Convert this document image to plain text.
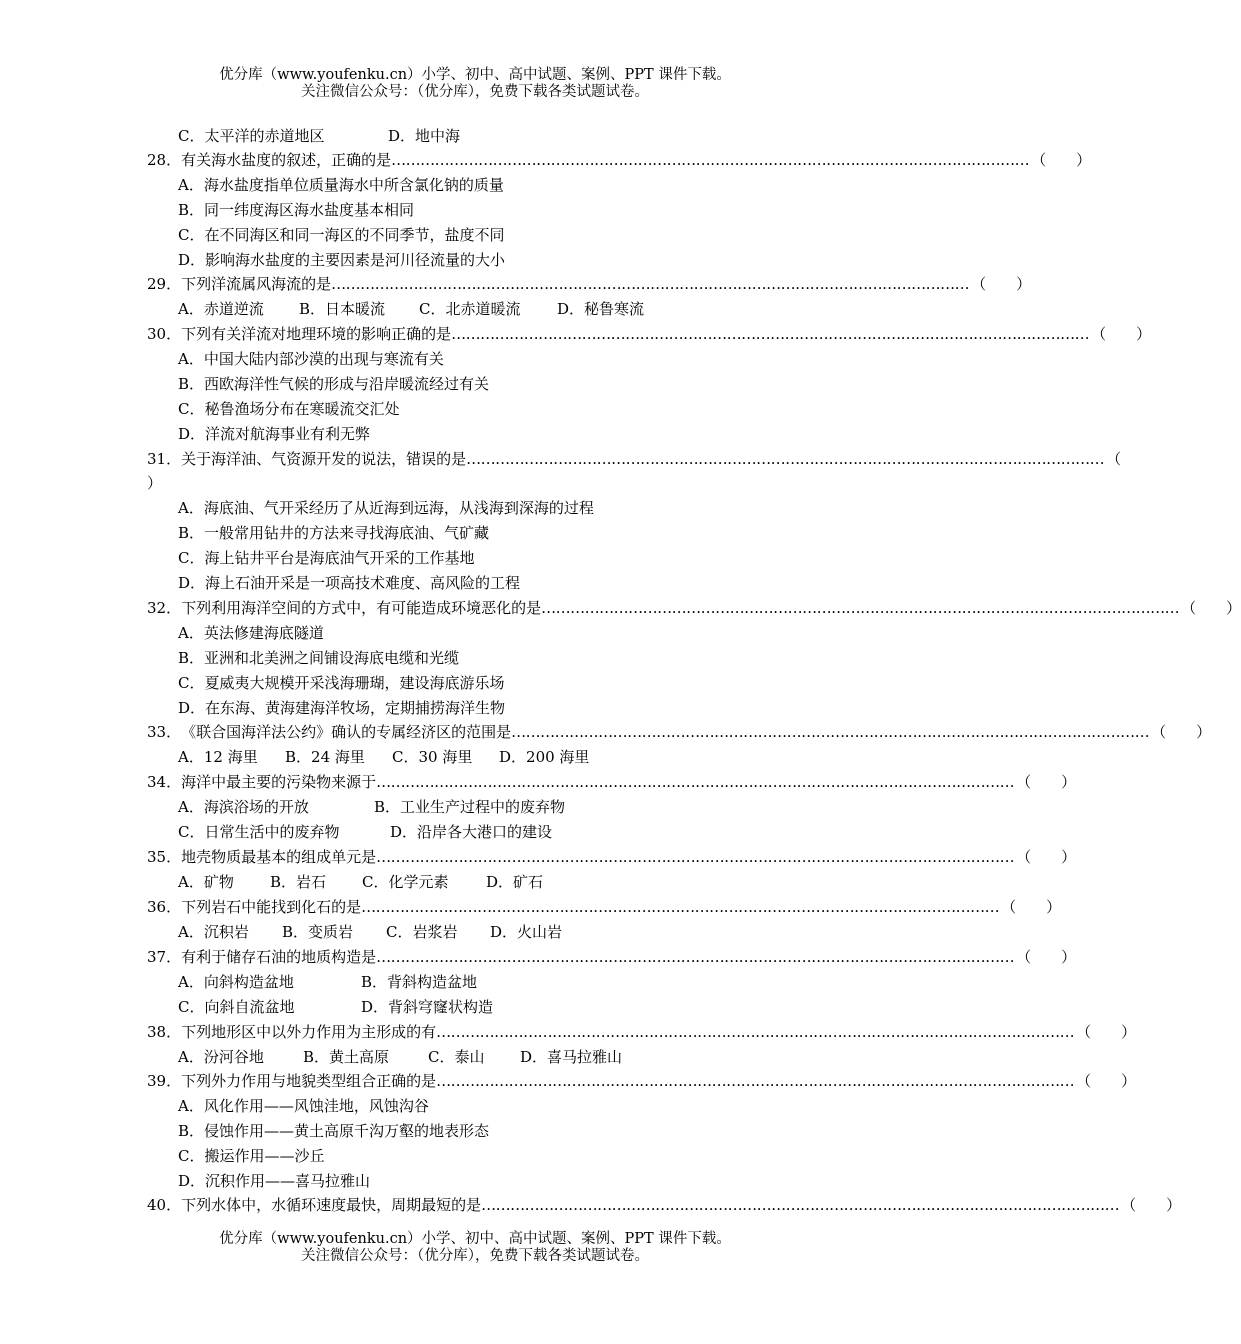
优分库（www.youfenku.cn）小学、初中、高中试题、案例、PPT 课件下载。
关注微信公众号：（优分库），免费下载各类试题试卷。
C．太平洋的赤道地区	D．地中海
28． 有关海水盐度的叙述，正确的是 …………………………………………………………………………………………………………………… （　　）
A．海水盐度指单位质量海水中所含氯化钠的质量
B．同一纬度海区海水盐度基本相同
C．在不同海区和同一海区的不同季节，盐度不同
D．影响海水盐度的主要因素是河川径流量的大小
29． 下列洋流属风海流的是 …………………………………………………………………………………………………………………… （　　）
A．赤道逆流 B．日本暖流 C．北赤道暖流 D．秘鲁寒流
30． 下列有关洋流对地理环境的影响正确的是 …………………………………………………………………………………………………………………… （　　）
A．中国大陆内部沙漠的出现与寒流有关
B．西欧海洋性气候的形成与沿岸暖流经过有关
C．秘鲁渔场分布在寒暖流交汇处
D．洋流对航海事业有利无弊
31． 关于海洋油、气资源开发的说法，错误的是 …………………………………………………………………………………………………………………… （
）
A．海底油、气开采经历了从近海到远海，从浅海到深海的过程
B．一般常用钻井的方法来寻找海底油、气矿藏
C．海上钻井平台是海底油气开采的工作基地
D．海上石油开采是一项高技术难度、高风险的工程
32． 下列利用海洋空间的方式中，有可能造成环境恶化的是 …………………………………………………………………………………………………………………… （　　）
A．英法修建海底隧道
B．亚洲和北美洲之间铺设海底电缆和光缆
C．夏威夷大规模开采浅海珊瑚，建设海底游乐场
D．在东海、黄海建海洋牧场，定期捕捞海洋生物
33． 《联合国海洋法公约》确认的专属经济区的范围是 …………………………………………………………………………………………………………………… （　　）
A．12 海里 B．24 海里 C．30 海里 D．200 海里
34． 海洋中最主要的污染物来源于 …………………………………………………………………………………………………………………… （　　）
A．海滨浴场的开放	B．工业生产过程中的废弃物
C．日常生活中的废弃物	D．沿岸各大港口的建设
35． 地壳物质最基本的组成单元是 …………………………………………………………………………………………………………………… （　　）
A．矿物 B．岩石 C．化学元素	D．矿石
36． 下列岩石中能找到化石的是 …………………………………………………………………………………………………………………… （　　）
A．沉积岩 B．变质岩 C．岩浆岩 D．火山岩
37． 有利于储存石油的地质构造是 …………………………………………………………………………………………………………………… （　　）
A．向斜构造盆地	B．背斜构造盆地
C．向斜自流盆地	D．背斜穹窿状构造
38． 下列地形区中以外力作用为主形成的有 …………………………………………………………………………………………………………………… （　　）
A．汾河谷地	B．黄土高原	C．泰山 D．喜马拉雅山
39． 下列外力作用与地貌类型组合正确的是 …………………………………………………………………………………………………………………… （　　）
A．风化作用——风蚀洼地，风蚀沟谷
B．侵蚀作用——黄土高原千沟万壑的地表形态
C．搬运作用——沙丘
D．沉积作用——喜马拉雅山
40． 下列水体中，水循环速度最快，周期最短的是 …………………………………………………………………………………………………………………… （　　）
优分库（www.youfenku.cn）小学、初中、高中试题、案例、PPT 课件下载。
关注微信公众号：（优分库），免费下载各类试题试卷。
